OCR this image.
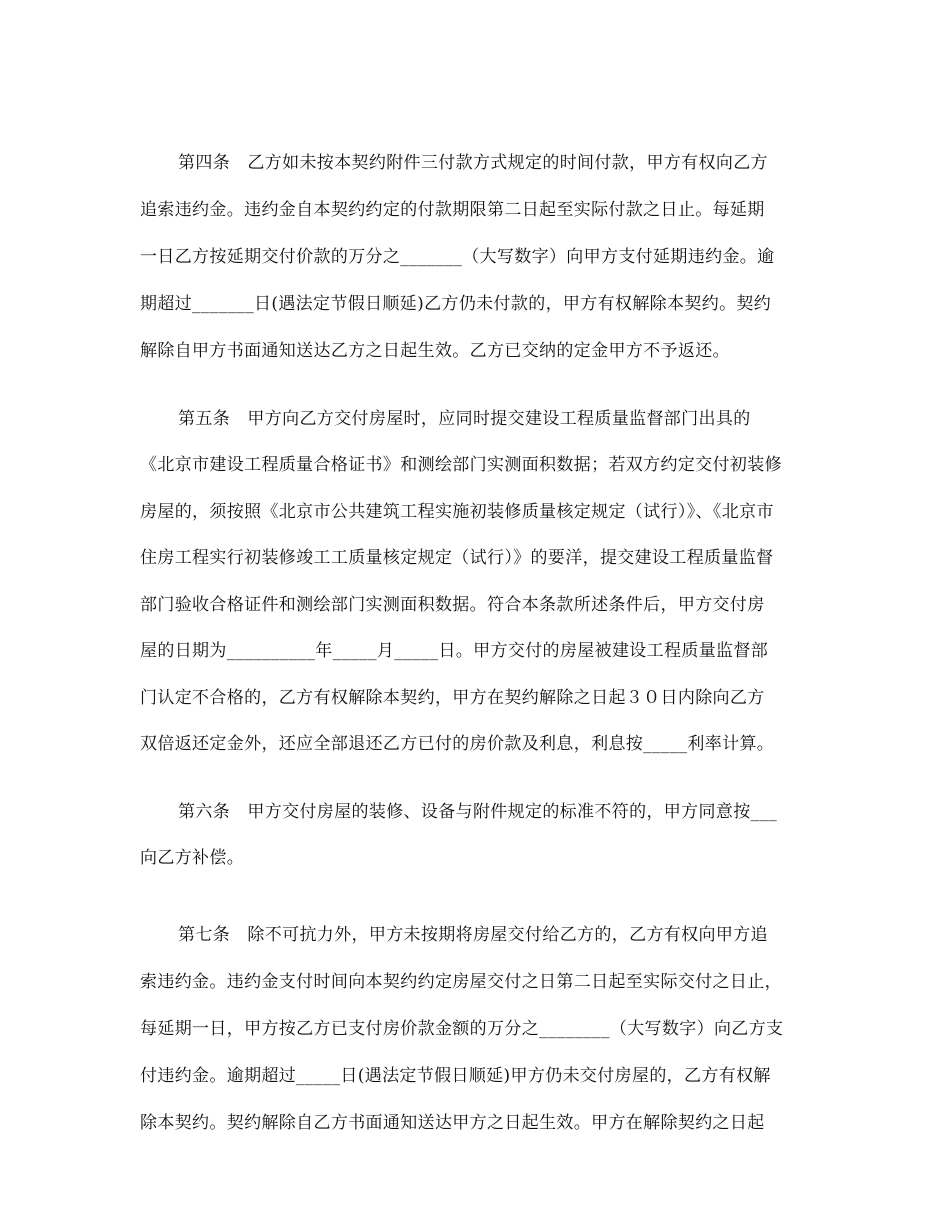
第四条　乙方如未按本契约附件三付款方式规定的时间付款，甲方有权向乙方
追索违约金。违约金自本契约约定的付款期限第二日起至实际付款之日止。每延期
一日乙方按延期交付价款的万分之_______（大写数字）向甲方支付延期违约金。逾
期超过_______日(遇法定节假日顺延)乙方仍未付款的，甲方有权解除本契约。契约
解除自甲方书面通知送达乙方之日起生效。乙方已交纳的定金甲方不予返还。
第五条　甲方向乙方交付房屋时，应同时提交建设工程质量监督部门出具的
《北京市建设工程质量合格证书》和测绘部门实测面积数据；若双方约定交付初装修
房屋的，须按照《北京市公共建筑工程实施初装修质量核定规定（试行）》、《北京市
住房工程实行初装修竣工工质量核定规定（试行）》的要洋，提交建设工程质量监督
部门验收合格证件和测绘部门实测面积数据。符合本条款所述条件后，甲方交付房
屋的日期为__________年_____月_____日。甲方交付的房屋被建设工程质量监督部
门认定不合格的，乙方有权解除本契约，甲方在契约解除之日起３０日内除向乙方
双倍返还定金外，还应全部退还乙方已付的房价款及利息，利息按_____利率计算。
第六条　甲方交付房屋的装修、设备与附件规定的标准不符的，甲方同意按___
向乙方补偿。
第七条　除不可抗力外，甲方未按期将房屋交付给乙方的，乙方有权向甲方追
索违约金。违约金支付时间向本契约约定房屋交付之日第二日起至实际交付之日止，
每延期一日，甲方按乙方已支付房价款金额的万分之________（大写数字）向乙方支
付违约金。逾期超过_____日(遇法定节假日顺延)甲方仍未交付房屋的，乙方有权解
除本契约。契约解除自乙方书面通知送达甲方之日起生效。甲方在解除契约之日起
